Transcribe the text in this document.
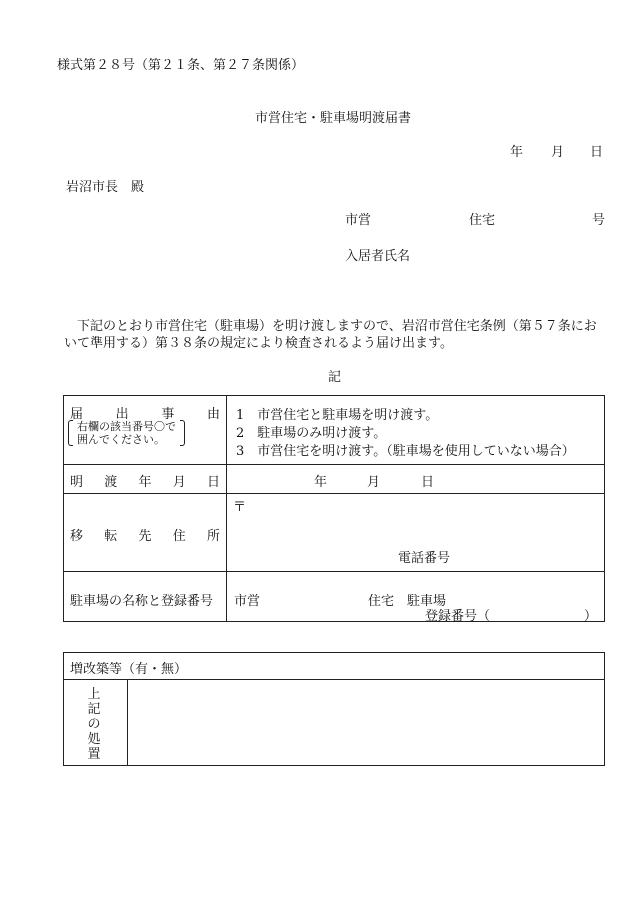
様式第２８号（第２１条、第２７条関係）
市営住宅・駐車場明渡届書
年 月 日
岩沼市長　殿
市営	住宅	号
入居者氏名
下記のとおり市営住宅（駐車場）を明け渡しますので、岩沼市営住宅条例（第５７条にお
いて準用する）第３８条の規定により検査されるよう届け出ます。
記
届	出	事	由
右欄の該当番号〇で
囲んでください。
1　市営住宅と駐車場を明け渡す。
2　駐車場のみ明け渡す。
3　市営住宅を明け渡す。（駐車場を使用していない場合）
明 渡 年 月 日	年	月	日
移 転 先 住 所
〒
電話番号
駐車場の名称と登録番号 市営	住宅　駐車場
登録番号（	）
増改築等（有・無）
上
記
の
処
置
